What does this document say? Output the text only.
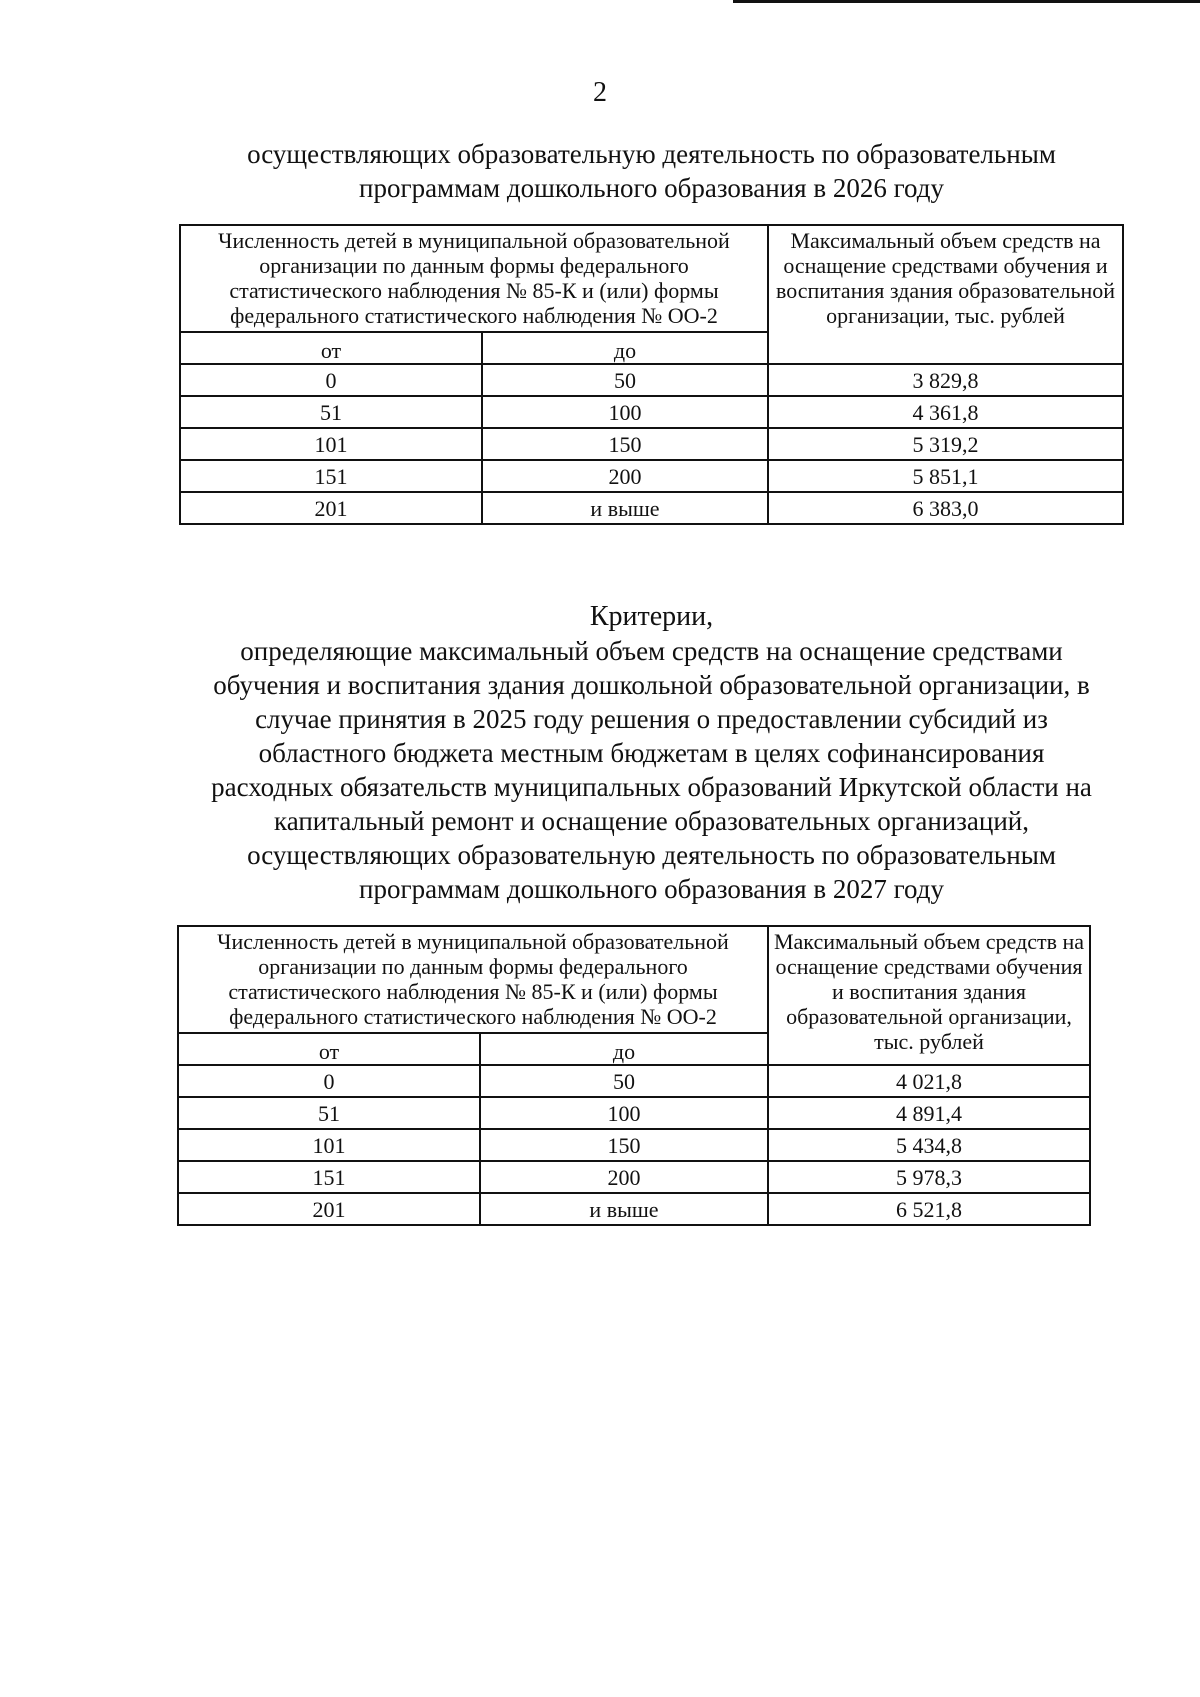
2

осуществляющих образовательную деятельность по образовательным

программам дошкольного образования в 2026 году

Численность детей в муниципальной образовательной организации по данным формы федерального статистического наблюдения № 85-К и (или) формы федерального статистического наблюдения № ОО-2		Максимальный объем средств на оснащение средствами обучения и воспитания здания образовательной организации, тыс. рублей
от	до	
0	50	3 829,8
51	100	4 361,8
101	150	5 319,2
151	200	5 851,1
201	и выше	6 383,0

Критерии,

определяющие максимальный объем средств на оснащение средствами

обучения и воспитания здания дошкольной образовательной организации, в

случае принятия в 2025 году решения о предоставлении субсидий из

областного бюджета местным бюджетам в целях софинансирования

расходных обязательств муниципальных образований Иркутской области на

капитальный ремонт и оснащение образовательных организаций,

осуществляющих образовательную деятельность по образовательным

программам дошкольного образования в 2027 году

Численность детей в муниципальной образовательной организации по данным формы федерального статистического наблюдения № 85-К и (или) формы федерального статистического наблюдения № ОО-2		Максимальный объем средств на оснащение средствами обучения и воспитания здания образовательной организации, тыс. рублей
от	до	
0	50	4 021,8
51	100	4 891,4
101	150	5 434,8
151	200	5 978,3
201	и выше	6 521,8
